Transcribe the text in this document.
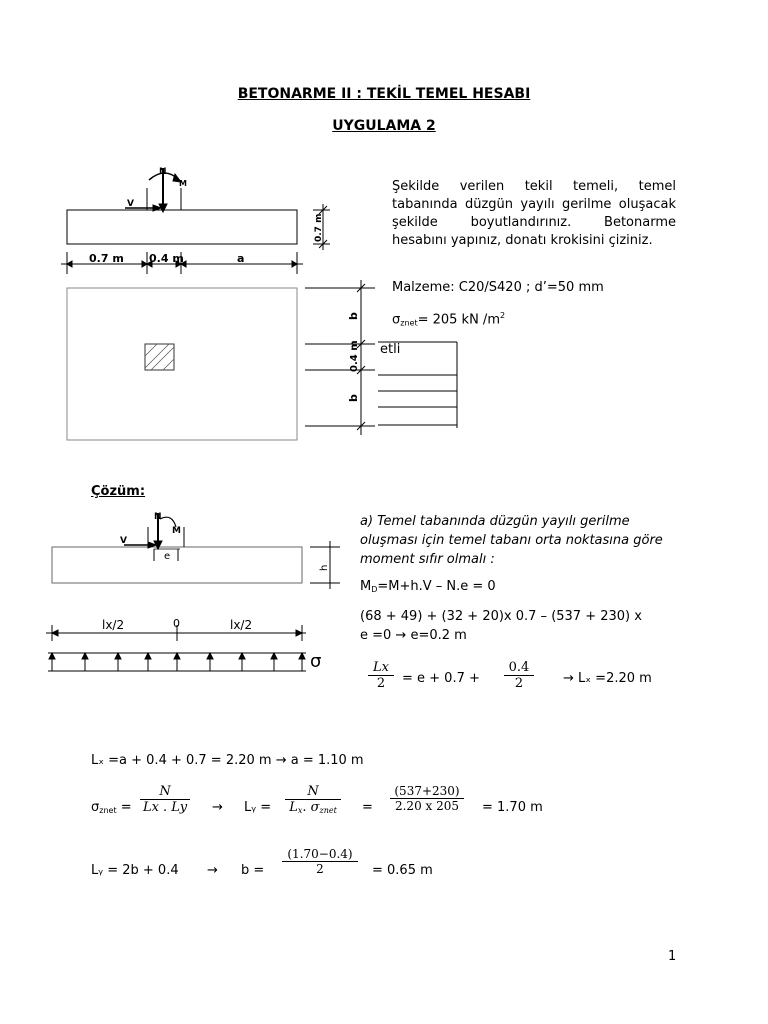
BETONARME II : TEKİL TEMEL HESABI
UYGULAMA 2
N
M
V
0.7 m
0.7 m 0.4 m	a
b
0.4 m
b
Şekilde verilen tekil temeli, temel tabanında düzgün yayılı gerilme oluşacak şekilde boyutlandırınız. Betonarme hesabını yapınız, donatı krokisini çiziniz.
Malzeme: C20/S420 ; d’=50 mm
$\sigma_{znet}= 205$ kN $/m^2$
etli
Çözüm:
N
M
V
e
h
lx/2	0	lx/2
σ
a) Temel tabanında düzgün yayılı gerilme oluşması için temel tabanı orta noktasına göre moment sıfır olmalı :
$M_D=M+h.V - N.e = 0$
(68 + 49) + (32 + 20)x 0.7 – (537 + 230) x
e =0 → e=0.2 m
$\frac{Lx}{2} = e + 0.7 + \frac{0.4}{2} \to L_x =2.20$ m
Lₓ =a + 0.4 + 0.7 = 2.20 m → a = 1.10 m
$\sigma_{znet} = \frac{N}{Lx . Ly}$ → Lᵧ =
N
$L_x$. $\sigma_{znet}$	= $\frac{(537+230)}{2.20 x 205} = 1.70$ m
Lᵧ = $2b + 0.4 \to b = \frac{(1.70-0.4)}{2} = 0.65$ m
1
